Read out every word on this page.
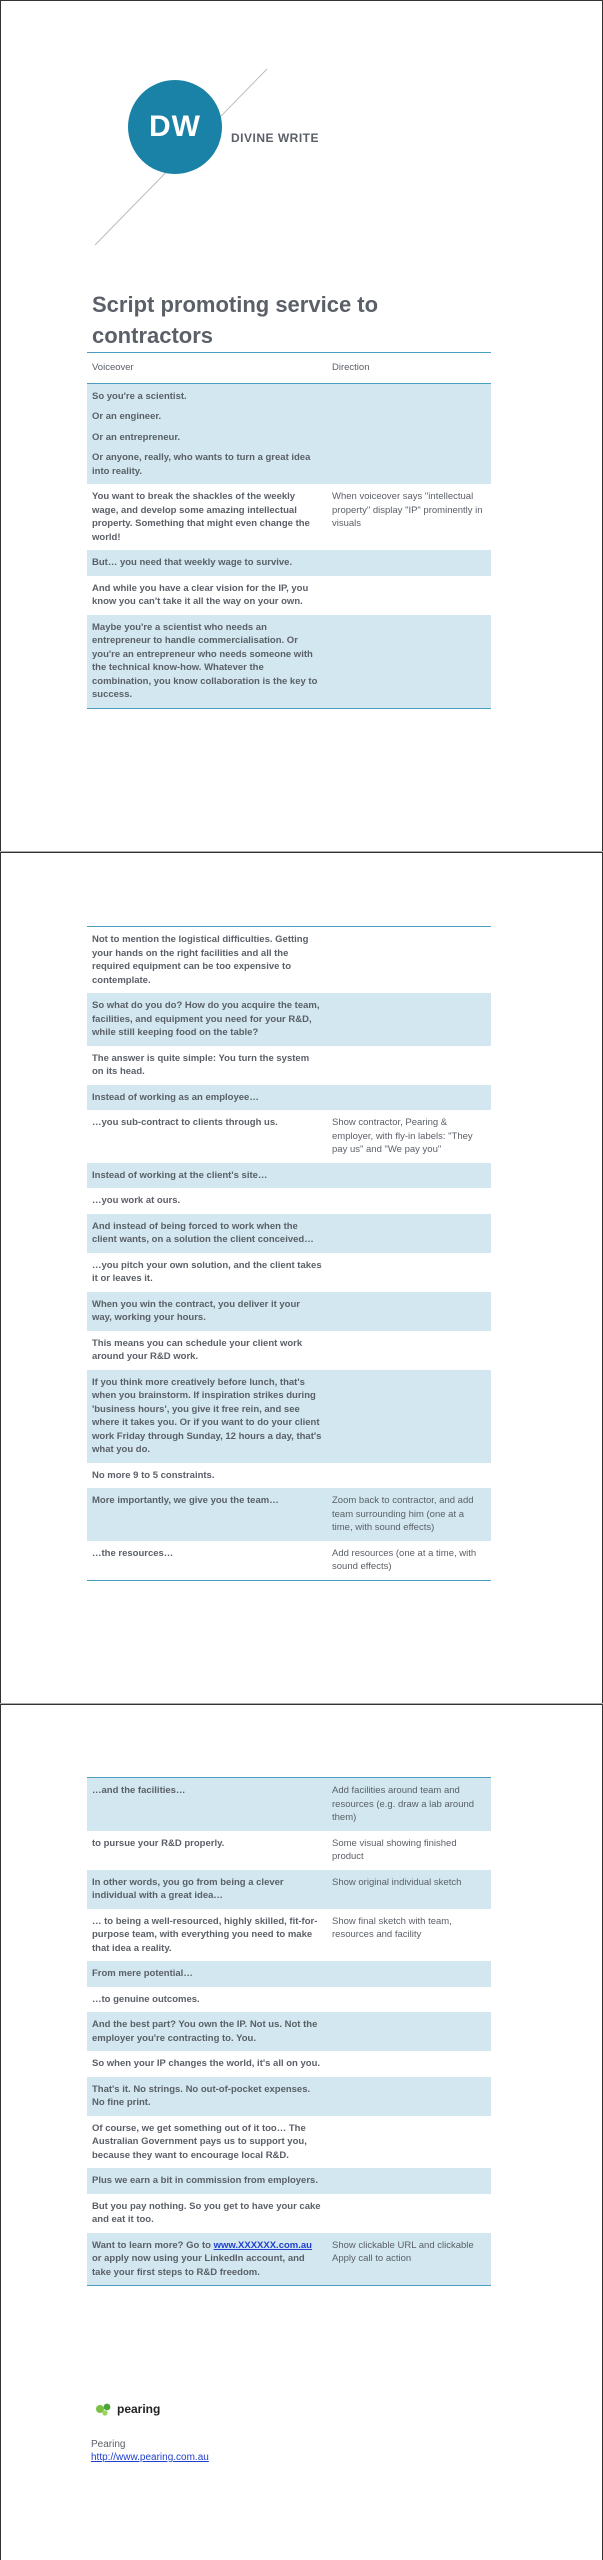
DW	DIVINE WRITE
Script promoting service to contractors
Voiceover	Direction

So you're a scientist.
Or an engineer.
Or an entrepreneur.
Or anyone, really, who wants to turn a great idea into reality.	

You want to break the shackles of the weekly wage, and develop some amazing intellectual property. Something that might even change the world!	When voiceover says "intellectual property" display "IP" prominently in visuals

But… you need that weekly wage to survive.	

And while you have a clear vision for the IP, you know you can't take it all the way on your own.	

Maybe you're a scientist who needs an entrepreneur to handle commercialisation. Or you're an entrepreneur who needs someone with the technical know-how. Whatever the combination, you know collaboration is the key to success.	

Not to mention the logistical difficulties. Getting your hands on the right facilities and all the required equipment can be too expensive to contemplate.	
So what do you do? How do you acquire the team, facilities, and equipment you need for your R&D, while still keeping food on the table?	
The answer is quite simple: You turn the system on its head.	
Instead of working as an employee…	
…you sub-contract to clients through us.	Show contractor, Pearing & employer, with fly-in labels: "They pay us" and "We pay you"
Instead of working at the client's site…	
…you work at ours.	
And instead of being forced to work when the client wants, on a solution the client conceived…	
…you pitch your own solution, and the client takes it or leaves it.	
When you win the contract, you deliver it your way, working your hours.	
This means you can schedule your client work around your R&D work.	
If you think more creatively before lunch, that's when you brainstorm. If inspiration strikes during 'business hours', you give it free rein, and see where it takes you. Or if you want to do your client work Friday through Sunday, 12 hours a day, that's what you do.	
No more 9 to 5 constraints.	
More importantly, we give you the team…	Zoom back to contractor, and add team surrounding him (one at a time, with sound effects)
…the resources…	Add resources (one at a time, with sound effects)
…and the facilities…	Add facilities around team and resources (e.g. draw a lab around them)
to pursue your R&D properly.	Some visual showing finished product
In other words, you go from being a clever individual with a great idea…	Show original individual sketch
… to being a well-resourced, highly skilled, fit-for-purpose team, with everything you need to make that idea a reality.	Show final sketch with team, resources and facility
From mere potential…	
…to genuine outcomes.	
And the best part? You own the IP. Not us. Not the employer you're contracting to. You.	
So when your IP changes the world, it's all on you.	
That's it. No strings. No out-of-pocket expenses. No fine print.	
Of course, we get something out of it too… The Australian Government pays us to support you, because they want to encourage local R&D.	
Plus we earn a bit in commission from employers.	
But you pay nothing. So you get to have your cake and eat it too.	
Want to learn more? Go to www.XXXXXX.com.au or apply now using your LinkedIn account, and take your first steps to R&D freedom.	Show clickable URL and clickable Apply call to action
pearing
Pearing
http://www.pearing.com.au
